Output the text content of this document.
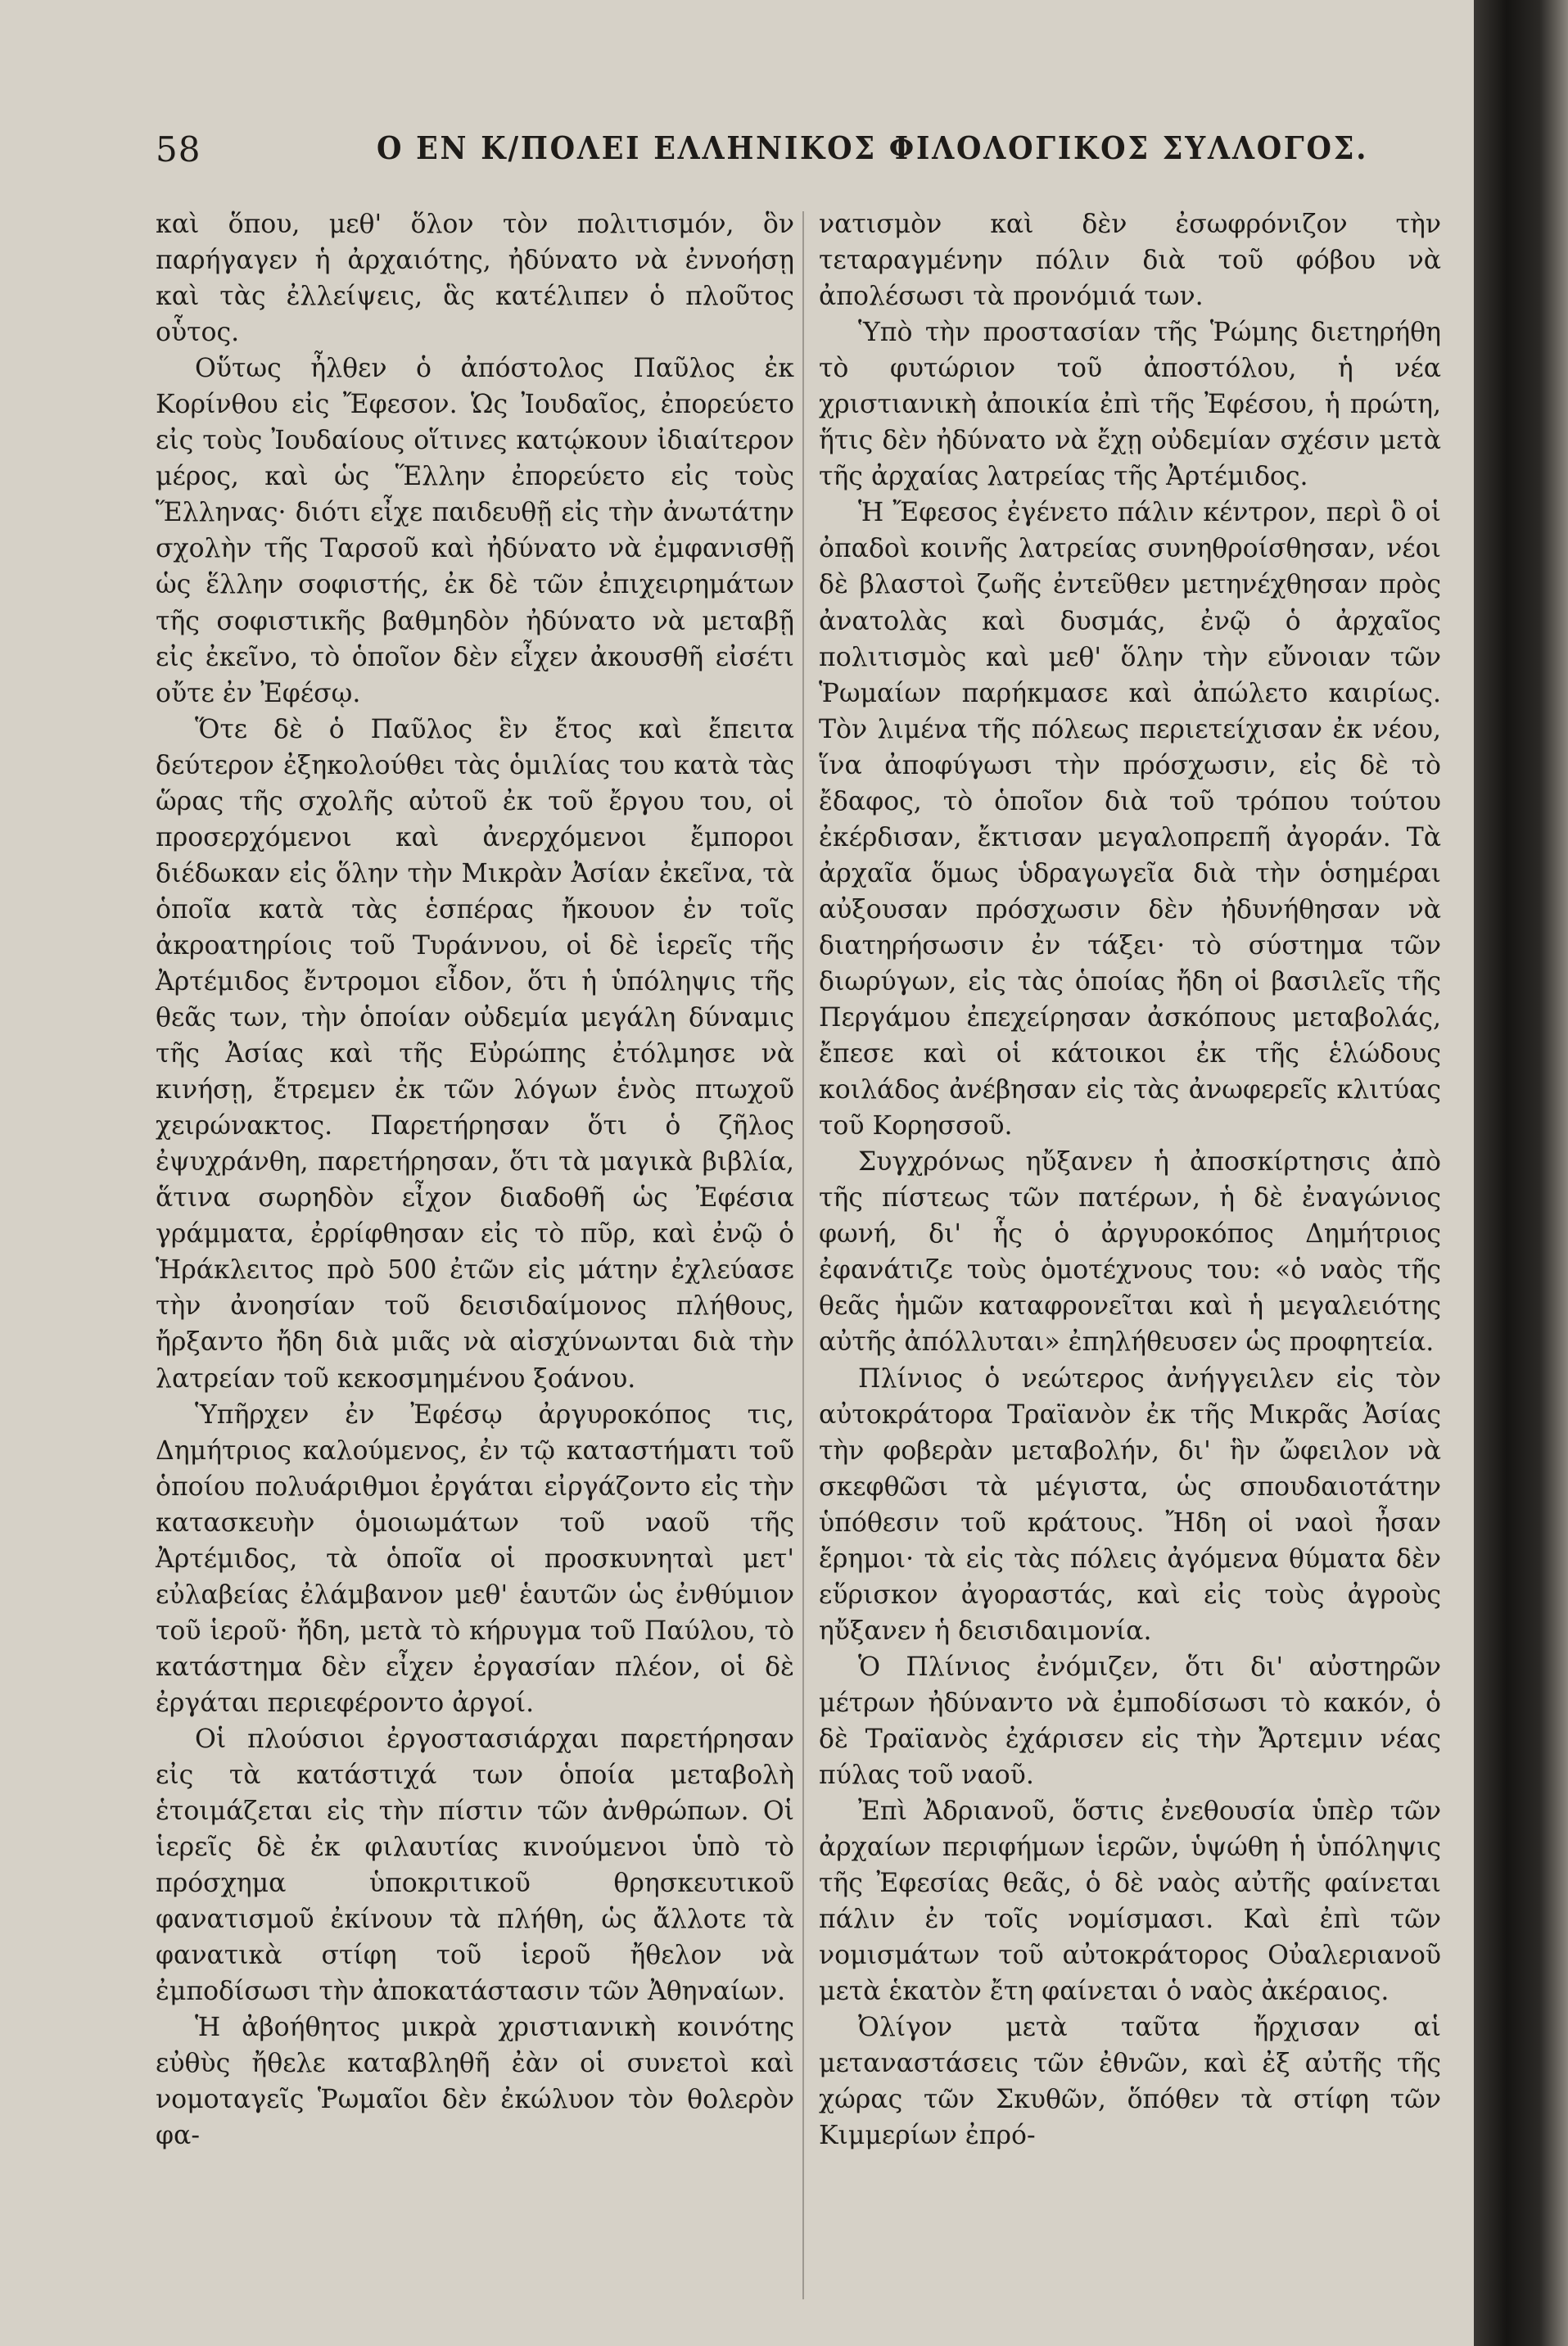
58	Ο ΕΝ Κ/ΠΟΛΕΙ ΕΛΛΗΝΙΚΟΣ ΦΙΛΟΛΟΓΙΚΟΣ ΣΥΛΛΟΓΟΣ.

καὶ ὅπου, μεθ' ὅλον τὸν πολιτισμόν, ὃν παρήγαγεν ἡ ἀρχαιότης, ἠδύνατο νὰ ἐννοήσῃ καὶ τὰς ἐλλείψεις, ἃς κατέλιπεν ὁ πλοῦτος οὗτος.

Οὕτως ἦλθεν ὁ ἀπόστολος Παῦλος ἐκ Κορίνθου εἰς Ἔφεσον. Ὡς Ἰουδαῖος, ἐπορεύετο εἰς τοὺς Ἰουδαίους οἵτινες κατῴκουν ἰδιαίτερον μέρος, καὶ ὡς Ἕλλην ἐπορεύετο εἰς τοὺς Ἕλληνας· διότι εἶχε παιδευθῇ εἰς τὴν ἀνωτάτην σχολὴν τῆς Ταρσοῦ καὶ ἠδύνατο νὰ ἐμφανισθῇ ὡς ἕλλην σοφιστής, ἐκ δὲ τῶν ἐπιχειρημάτων τῆς σοφιστικῆς βαθμηδὸν ἠδύνατο νὰ μεταβῇ εἰς ἐκεῖνο, τὸ ὁποῖον δὲν εἶχεν ἀκουσθῆ εἰσέτι οὔτε ἐν Ἐφέσῳ.

Ὅτε δὲ ὁ Παῦλος ἓν ἔτος καὶ ἔπειτα δεύτερον ἐξηκολούθει τὰς ὁμιλίας του κατὰ τὰς ὥρας τῆς σχολῆς αὐτοῦ ἐκ τοῦ ἔργου του, οἱ προσερχόμενοι καὶ ἀνερχόμενοι ἔμποροι διέδωκαν εἰς ὅλην τὴν Μικρὰν Ἀσίαν ἐκεῖνα, τὰ ὁποῖα κατὰ τὰς ἑσπέρας ἤκουον ἐν τοῖς ἀκροατηρίοις τοῦ Τυράννου, οἱ δὲ ἱερεῖς τῆς Ἀρτέμιδος ἔντρομοι εἶδον, ὅτι ἡ ὑπόληψις τῆς θεᾶς των, τὴν ὁποίαν οὐδεμία μεγάλη δύναμις τῆς Ἀσίας καὶ τῆς Εὐρώπης ἐτόλμησε νὰ κινήσῃ, ἔτρεμεν ἐκ τῶν λόγων ἑνὸς πτωχοῦ χειρώνακτος. Παρετήρησαν ὅτι ὁ ζῆλος ἐψυχράνθη, παρετήρησαν, ὅτι τὰ μαγικὰ βιβλία, ἅτινα σωρηδὸν εἶχον διαδοθῆ ὡς Ἐφέσια γράμματα, ἐρρίφθησαν εἰς τὸ πῦρ, καὶ ἐνῷ ὁ Ἡράκλειτος πρὸ 500 ἐτῶν εἰς μάτην ἐχλεύασε τὴν ἀνοησίαν τοῦ δεισιδαίμονος πλήθους, ἤρξαντο ἤδη διὰ μιᾶς νὰ αἰσχύνωνται διὰ τὴν λατρείαν τοῦ κεκοσμημένου ξοάνου.

Ὑπῆρχεν ἐν Ἐφέσῳ ἀργυροκόπος τις, Δημήτριος καλούμενος, ἐν τῷ καταστήματι τοῦ ὁποίου πολυάριθμοι ἐργάται εἰργάζοντο εἰς τὴν κατασκευὴν ὁμοιωμάτων τοῦ ναοῦ τῆς Ἀρτέμιδος, τὰ ὁποῖα οἱ προσκυνηταὶ μετ' εὐλαβείας ἐλάμβανον μεθ' ἑαυτῶν ὡς ἐνθύμιον τοῦ ἱεροῦ· ἤδη, μετὰ τὸ κήρυγμα τοῦ Παύλου, τὸ κατάστημα δὲν εἶχεν ἐργασίαν πλέον, οἱ δὲ ἐργάται περιεφέροντο ἀργοί.

Οἱ πλούσιοι ἐργοστασιάρχαι παρετήρησαν εἰς τὰ κατάστιχά των ὁποία μεταβολὴ ἑτοιμάζεται εἰς τὴν πίστιν τῶν ἀνθρώπων. Οἱ ἱερεῖς δὲ ἐκ φιλαυτίας κινούμενοι ὑπὸ τὸ πρόσχημα ὑποκριτικοῦ θρησκευτικοῦ φανατισμοῦ ἐκίνουν τὰ πλήθη, ὡς ἄλλοτε τὰ φανατικὰ στίφη τοῦ ἱεροῦ ἤθελον νὰ ἐμποδίσωσι τὴν ἀποκατάστασιν τῶν Ἀθηναίων.

Ἡ ἀβοήθητος μικρὰ χριστιανικὴ κοινότης εὐθὺς ἤθελε καταβληθῆ ἐὰν οἱ συνετοὶ καὶ νομοταγεῖς Ῥωμαῖοι δὲν ἐκώλυον τὸν θολερὸν φα-

νατισμὸν καὶ δὲν ἐσωφρόνιζον τὴν τεταραγμένην πόλιν διὰ τοῦ φόβου νὰ ἀπολέσωσι τὰ προνόμιά των.

Ὑπὸ τὴν προστασίαν τῆς Ῥώμης διετηρήθη τὸ φυτώριον τοῦ ἀποστόλου, ἡ νέα χριστιανικὴ ἀποικία ἐπὶ τῆς Ἐφέσου, ἡ πρώτη, ἥτις δὲν ἠδύνατο νὰ ἔχῃ οὐδεμίαν σχέσιν μετὰ τῆς ἀρχαίας λατρείας τῆς Ἀρτέμιδος.

Ἡ Ἔφεσος ἐγένετο πάλιν κέντρον, περὶ ὃ οἱ ὀπαδοὶ κοινῆς λατρείας συνηθροίσθησαν, νέοι δὲ βλαστοὶ ζωῆς ἐντεῦθεν μετηνέχθησαν πρὸς ἀνατολὰς καὶ δυσμάς, ἐνῷ ὁ ἀρχαῖος πολιτισμὸς καὶ μεθ' ὅλην τὴν εὔνοιαν τῶν Ῥωμαίων παρήκμασε καὶ ἀπώλετο καιρίως. Τὸν λιμένα τῆς πόλεως περιετείχισαν ἐκ νέου, ἵνα ἀποφύγωσι τὴν πρόσχωσιν, εἰς δὲ τὸ ἔδαφος, τὸ ὁποῖον διὰ τοῦ τρόπου τούτου ἐκέρδισαν, ἔκτισαν μεγαλοπρεπῆ ἀγοράν. Τὰ ἀρχαῖα ὅμως ὑδραγωγεῖα διὰ τὴν ὁσημέραι αὐξουσαν πρόσχωσιν δὲν ἠδυνήθησαν νὰ διατηρήσωσιν ἐν τάξει· τὸ σύστημα τῶν διωρύγων, εἰς τὰς ὁποίας ἤδη οἱ βασιλεῖς τῆς Περγάμου ἐπεχείρησαν ἀσκόπους μεταβολάς, ἔπεσε καὶ οἱ κάτοικοι ἐκ τῆς ἑλώδους κοιλάδος ἀνέβησαν εἰς τὰς ἀνωφερεῖς κλιτύας τοῦ Κορησσοῦ.

Συγχρόνως ηὔξανεν ἡ ἀποσκίρτησις ἀπὸ τῆς πίστεως τῶν πατέρων, ἡ δὲ ἐναγώνιος φωνή, δι' ἧς ὁ ἀργυροκόπος Δημήτριος ἐφανάτιζε τοὺς ὁμοτέχνους του: «ὁ ναὸς τῆς θεᾶς ἡμῶν καταφρονεῖται καὶ ἡ μεγαλειότης αὐτῆς ἀπόλλυται» ἐπηλήθευσεν ὡς προφητεία.

Πλίνιος ὁ νεώτερος ἀνήγγειλεν εἰς τὸν αὐτοκράτορα Τραϊανὸν ἐκ τῆς Μικρᾶς Ἀσίας τὴν φοβερὰν μεταβολήν, δι' ἣν ὤφειλον νὰ σκεφθῶσι τὰ μέγιστα, ὡς σπουδαιοτάτην ὑπόθεσιν τοῦ κράτους. Ἤδη οἱ ναοὶ ἦσαν ἔρημοι· τὰ εἰς τὰς πόλεις ἀγόμενα θύματα δὲν εὕρισκον ἀγοραστάς, καὶ εἰς τοὺς ἀγροὺς ηὔξανεν ἡ δεισιδαιμονία.

Ὁ Πλίνιος ἐνόμιζεν, ὅτι δι' αὐστηρῶν μέτρων ἠδύναντο νὰ ἐμποδίσωσι τὸ κακόν, ὁ δὲ Τραϊανὸς ἐχάρισεν εἰς τὴν Ἄρτεμιν νέας πύλας τοῦ ναοῦ.

Ἐπὶ Ἀδριανοῦ, ὅστις ἐνεθουσία ὑπὲρ τῶν ἀρχαίων περιφήμων ἱερῶν, ὑψώθη ἡ ὑπόληψις τῆς Ἐφεσίας θεᾶς, ὁ δὲ ναὸς αὐτῆς φαίνεται πάλιν ἐν τοῖς νομίσμασι. Καὶ ἐπὶ τῶν νομισμάτων τοῦ αὐτοκράτορος Οὐαλεριανοῦ μετὰ ἑκατὸν ἔτη φαίνεται ὁ ναὸς ἀκέραιος.

Ὀλίγον μετὰ ταῦτα ἤρχισαν αἱ μεταναστάσεις τῶν ἐθνῶν, καὶ ἐξ αὐτῆς τῆς χώρας τῶν Σκυθῶν, ὅπόθεν τὰ στίφη τῶν Κιμμερίων ἐπρό-
